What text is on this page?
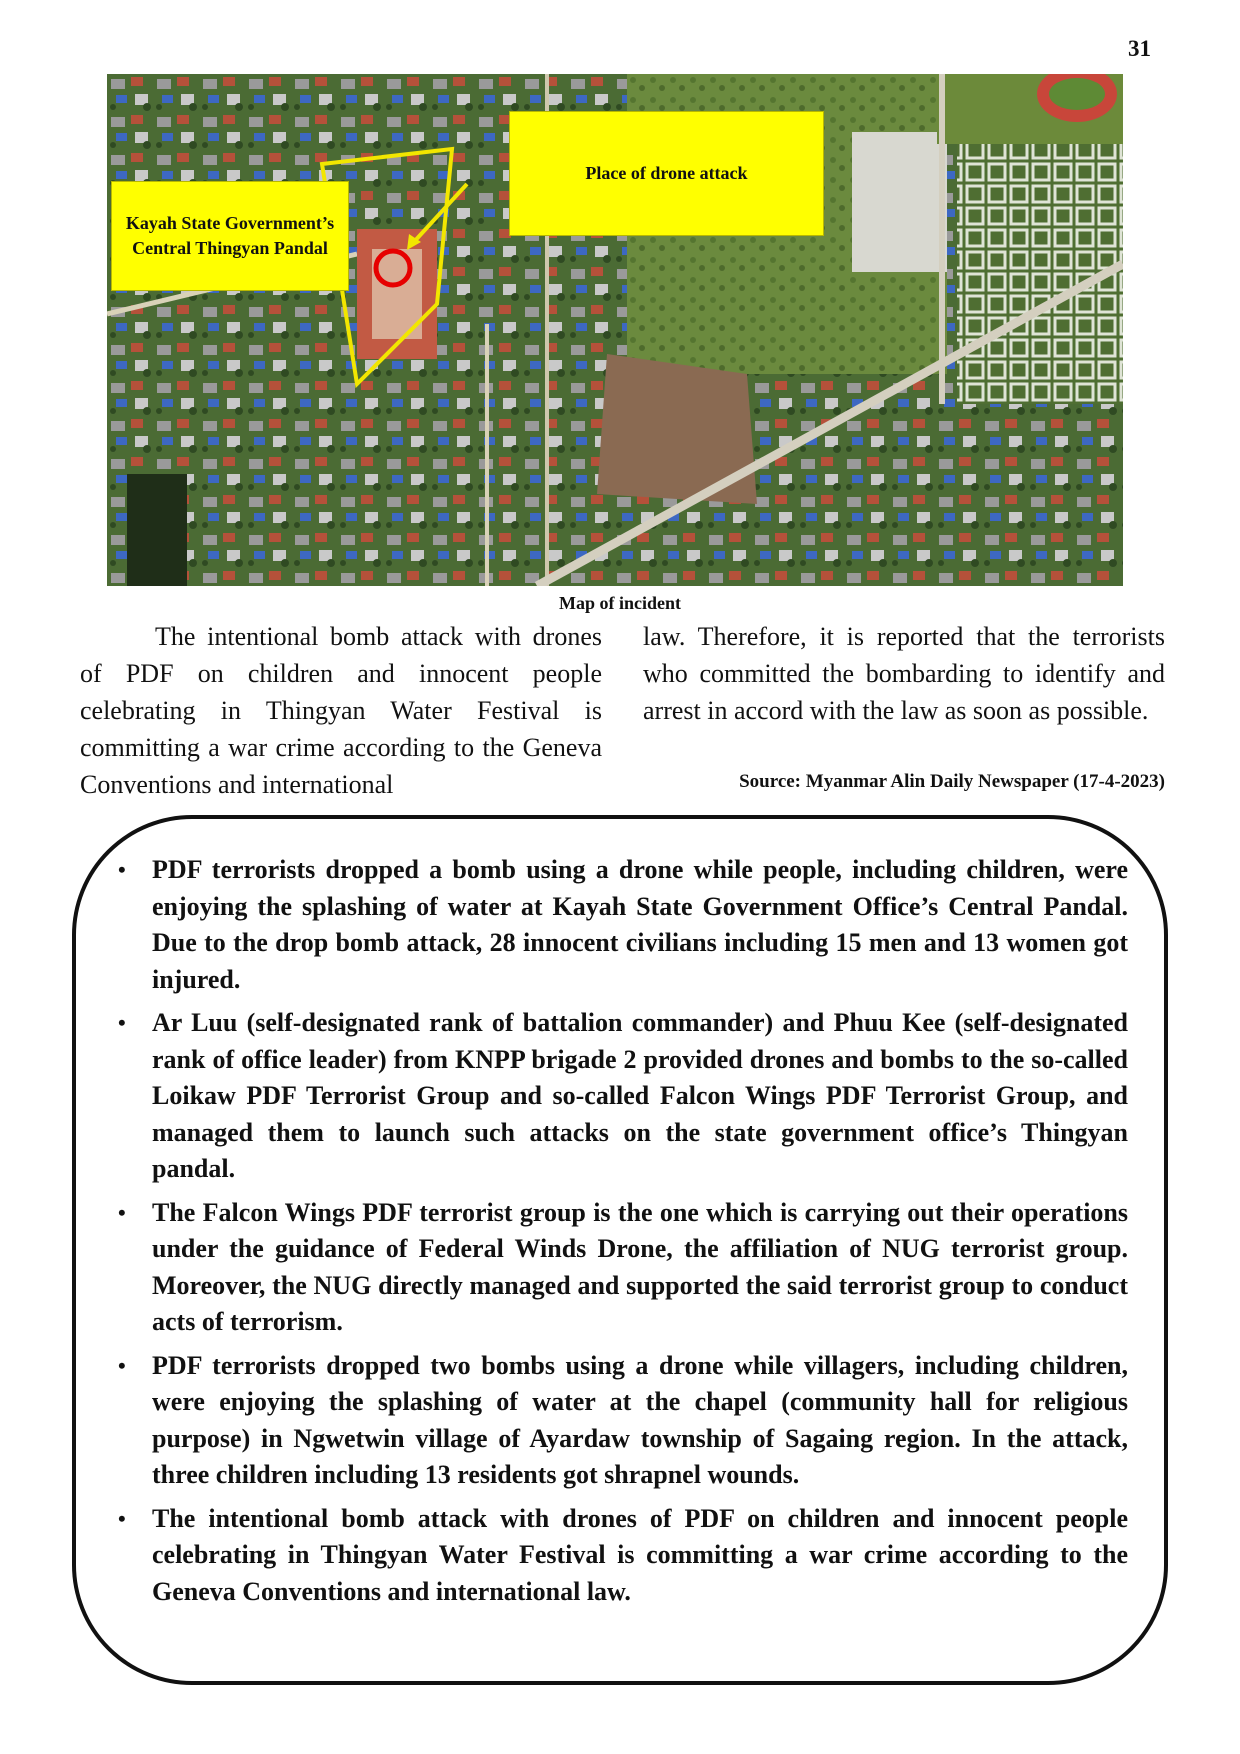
31
Kayah State Government’s
Central Thingyan Pandal
Place of drone attack
Map of incident

The intentional bomb attack with drones of PDF on children and innocent people celebrating in Thingyan Water Festival is committing a war crime according to the Geneva Conventions and international

law. Therefore, it is reported that the terrorists who committed the bombarding to identify and arrest in accord with the law as soon as possible.

Source: Myanmar Alin Daily Newspaper (17-4-2023)
• PDF terrorists dropped a bomb using a drone while people, including children, were enjoying the splashing of water at Kayah State Government Office’s Central Pandal. Due to the drop bomb attack, 28 innocent civilians including 15 men and 13 women got injured.
• Ar Luu (self-designated rank of battalion commander) and Phuu Kee (self-designated rank of office leader) from KNPP brigade 2 provided drones and bombs to the so-called Loikaw PDF Terrorist Group and so-called Falcon Wings PDF Terrorist Group, and managed them to launch such attacks on the state government office’s Thingyan pandal.
• The Falcon Wings PDF terrorist group is the one which is carrying out their operations under the guidance of Federal Winds Drone, the affiliation of NUG terrorist group. Moreover, the NUG directly managed and supported the said terrorist group to conduct acts of terrorism.
• PDF terrorists dropped two bombs using a drone while villagers, including children, were enjoying the splashing of water at the chapel (community hall for religious purpose) in Ngwetwin village of Ayardaw township of Sagaing region. In the attack, three children including 13 residents got shrapnel wounds.
• The intentional bomb attack with drones of PDF on children and innocent people celebrating in Thingyan Water Festival is committing a war crime according to the Geneva Conventions and international law.
